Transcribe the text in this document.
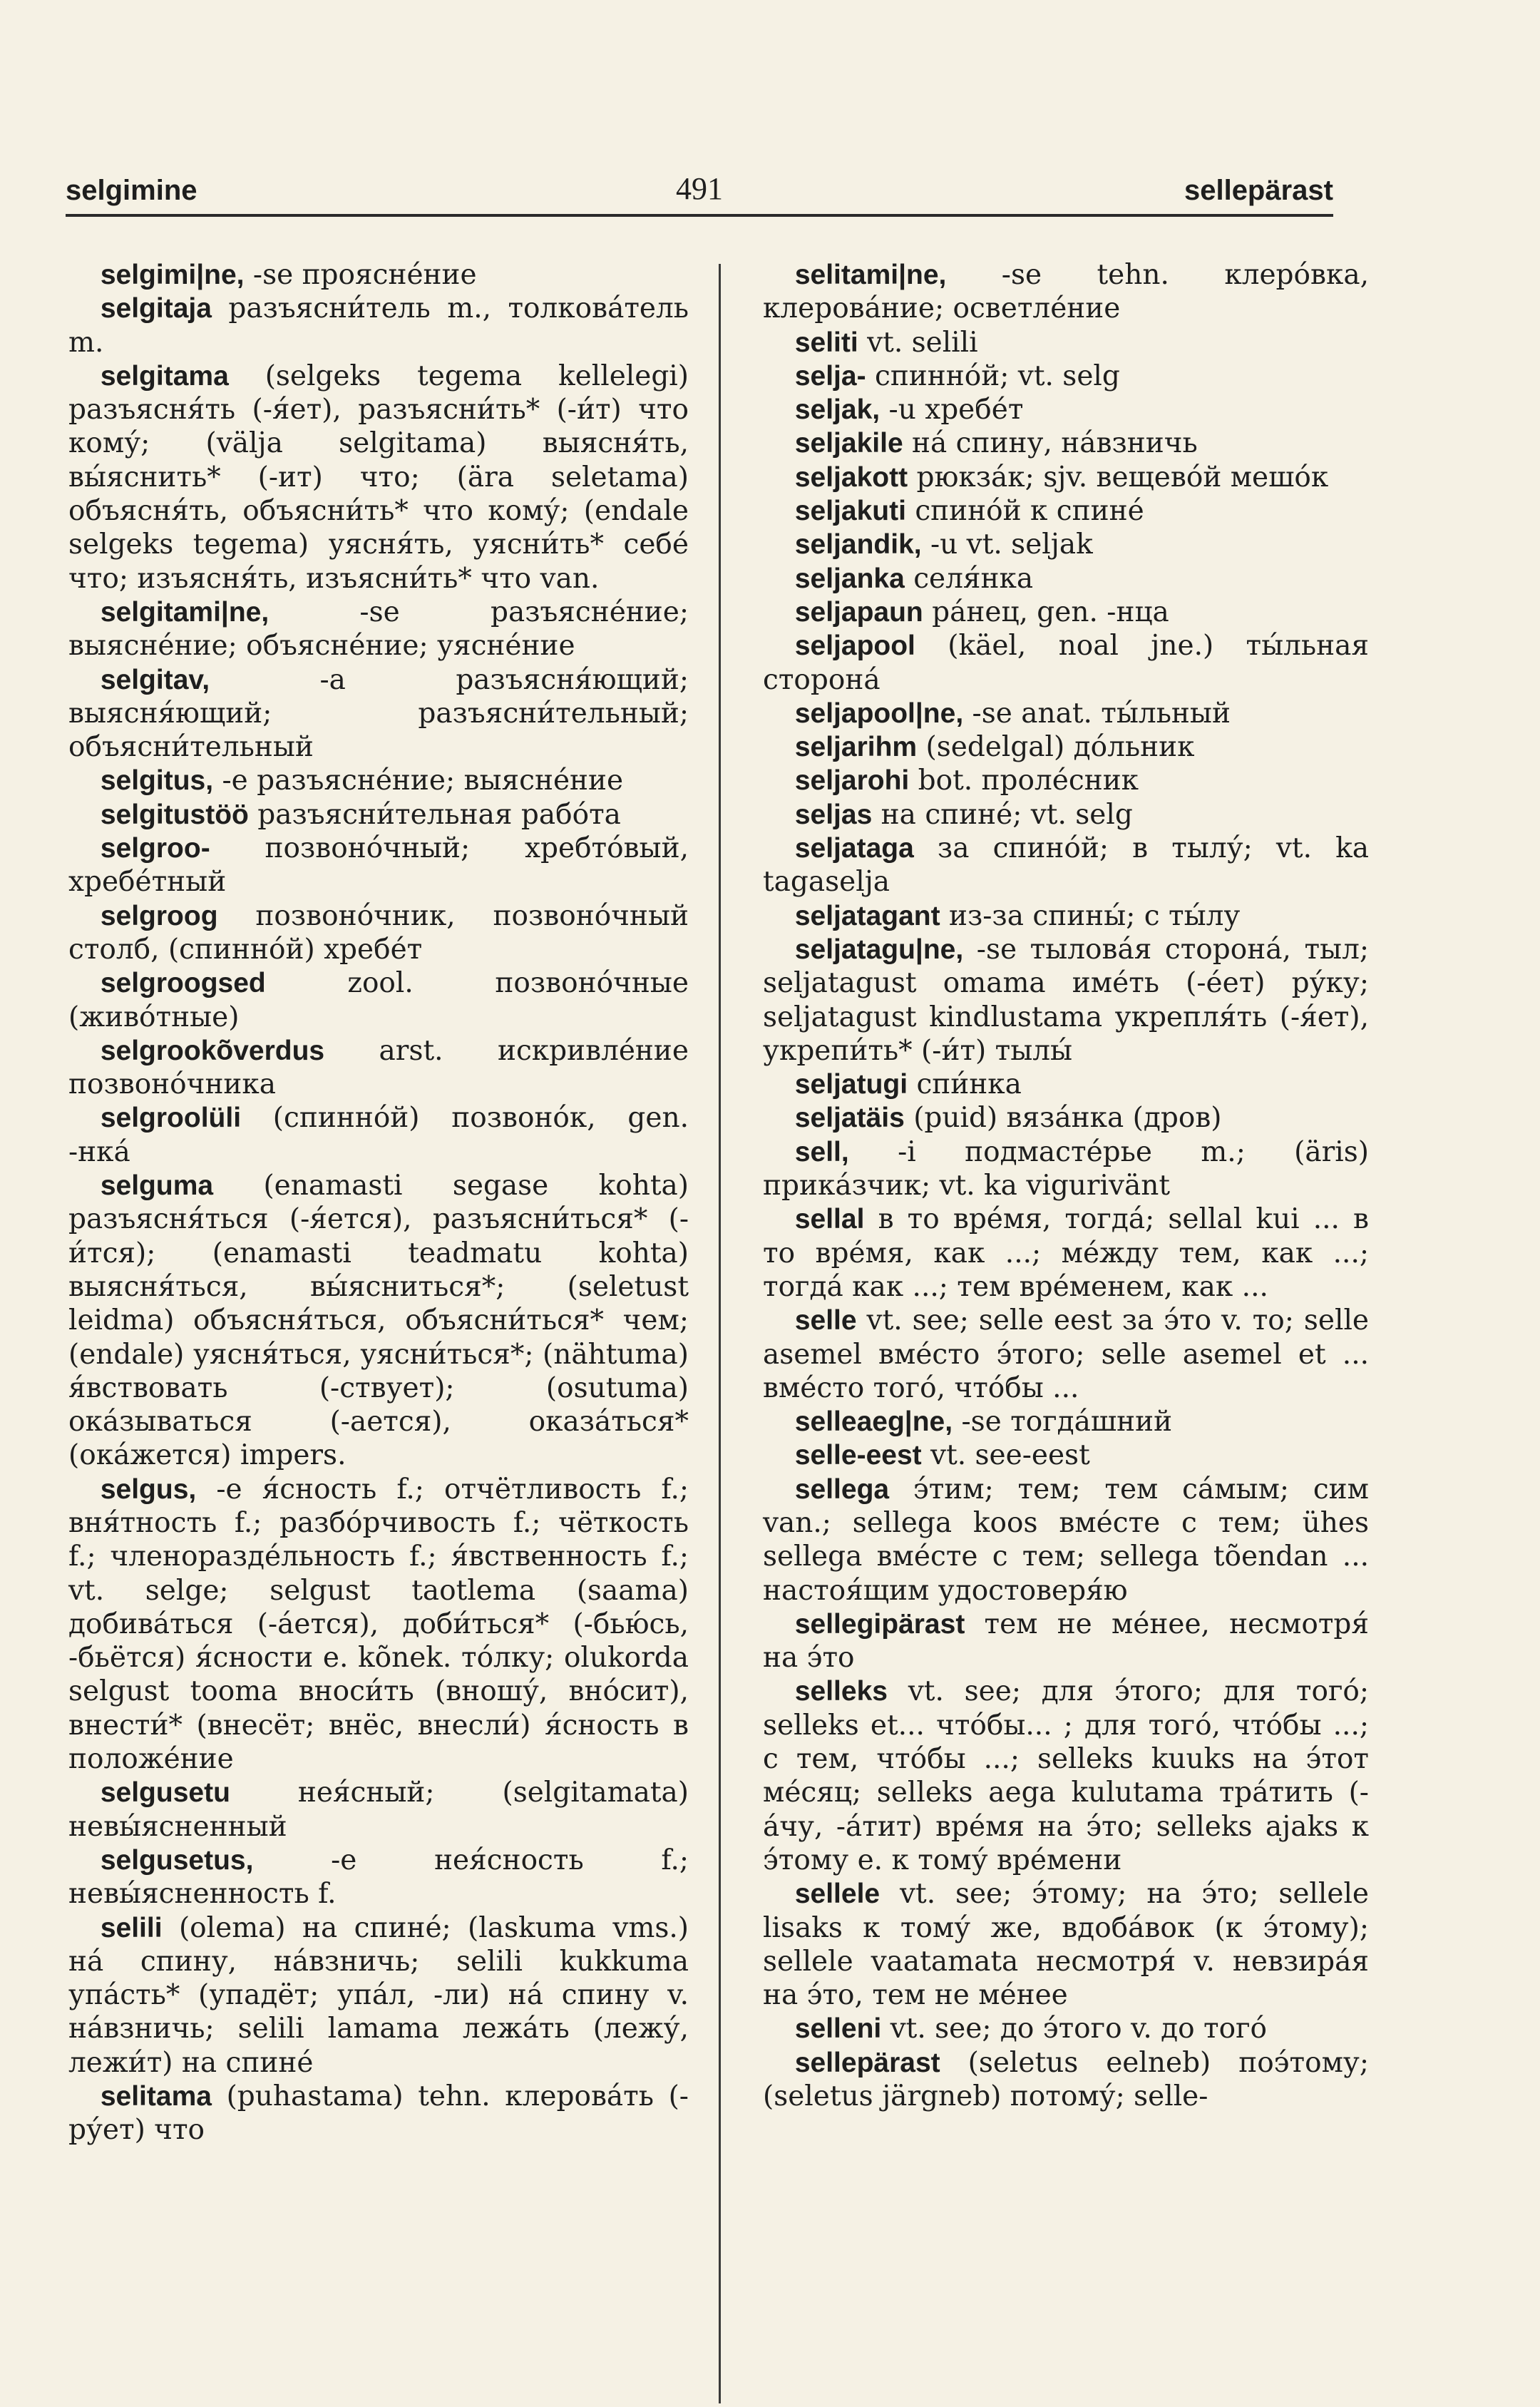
selgimine	491	sellepärast

selgimi|ne, -se прояснéние

selgitaja разъясни́тель m., толкова́тель m.

selgitama (selgeks tegema kellelegi) разъясня́ть (-я́ет), разъясни́ть* (-и́т) что кому́; (välja selgitama) выясня́ть, вы́яснить* (-ит) что; (ära seletama) объясня́ть, объясни́ть* что кому́; (endale selgeks tegema) уясня́ть, уясни́ть* себе́ что; изъясня́ть, изъясни́ть* что van.

selgitami|ne, -se разъяснéние; выяснéние; объяснéние; уяснéние

selgitav, -a разъясня́ющий; выясня́ющий; разъясни́тельный; объясни́тельный

selgitus, -e разъяснéние; выяснéние

selgitustöö разъясни́тельная рабо́та

selgroo- позвоно́чный; хребто́вый, хребéтный

selgroog позвоно́чник, позвоно́чный столб, (спинно́й) хребéт

selgroogsed zool. позвоно́чные (живо́тные)

selgrookõverdus arst. искривлéние позвоно́чника

selgroolüli (спинно́й) позвоно́к, gen. -нка́

selguma (enamasti segase kohta) разъясня́ться (-я́ется), разъясни́ться* (-и́тся); (enamasti teadmatu kohta) выясня́ться, вы́ясниться*; (seletust leidma) объясня́ться, объясни́ться* чем; (endale) уясня́ться, уясни́ться*; (nähtuma) я́вствовать (-ствует); (osutuma) ока́зываться (-ается), оказа́ться* (ока́жется) impers.

selgus, -e я́сность f.; отчётливость f.; вня́тность f.; разбо́рчивость f.; чёткость f.; членораздéльность f.; я́вственность f.; vt. selge; selgust taotlema (saama) добива́ться (-а́ется), доби́ться* (-бью́сь, -бьётся) я́сности e. kõnek. то́лку; olukorda selgust tooma вноси́ть (вношу́, вно́сит), внести́* (внесёт; внёс, внесли́) я́сность в положéние

selgusetu нея́сный; (selgitamata) невы́ясненный

selgusetus, -e нея́сность f.; невы́ясненность f.

selili (olema) на спине́; (laskuma vms.) на́ спину, на́взничь; selili kukkuma упа́сть* (упадёт; упа́л, -ли) на́ спину v. на́взничь; selili lamama лежа́ть (лежу́, лежи́т) на спине́

selitama (puhastama) tehn. клерова́ть (-ру́ет) что

selitami|ne, -se tehn. клеро́вка, клерова́ние; осветлéние

seliti vt. selili

selja- спинно́й; vt. selg

seljak, -u хребéт

seljakile на́ спину, на́взничь

seljakott рюкза́к; sjv. вещево́й мешо́к

seljakuti спино́й к спине́

seljandik, -u vt. seljak

seljanka селя́нка

seljapaun ра́нец, gen. -нца

seljapool (käel, noal jne.) ты́льная сторона́

seljapool|ne, -se anat. ты́льный

seljarihm (sedelgal) до́льник

seljarohi bot. пролéсник

seljas на спине́; vt. selg

seljataga за спино́й; в тылу́; vt. ka tagaselja

seljatagant из-за спины́; с ты́лу

seljatagu|ne, -se тылова́я сторона́, тыл; seljatagust omama имéть (-éет) ру́ку; seljatagust kindlustama укрепля́ть (-я́ет), укрепи́ть* (-и́т) тылы́

seljatugi спи́нка

seljatäis (puid) вяза́нка (дров)

sell, -i подмасте́рье m.; (äris) прика́зчик; vt. ka vigurivänt

sellal в то врéмя, тогда́; sellal kui ... в то врéмя, как ...; мéжду тем, как ...; тогда́ как ...; тем врéменем, как ...

selle vt. see; selle eest за э́то v. то; selle asemel вмéсто э́того; selle asemel et ... вмéсто того́, что́бы ...

selleaeg|ne, -se тогда́шний

selle-eest vt. see-eest

sellega э́тим; тем; тем са́мым; сим van.; sellega koos вмéсте с тем; ühes sellega вмéсте с тем; sellega tõendan ... настоя́щим удостоверя́ю

sellegipärast тем не мéнее, несмотря́ на э́то

selleks vt. see; для э́того; для того́; selleks et... что́бы... ; для того́, что́бы ...; с тем, что́бы ...; selleks kuuks на э́тот мéсяц; selleks aega kulutama тра́тить (-а́чу, -а́тит) врéмя на э́то; selleks ajaks к э́тому e. к тому́ врéмени

sellele vt. see; э́тому; на э́то; sellele lisaks к тому́ же, вдоба́вок (к э́тому); sellele vaatamata несмотря́ v. невзира́я на э́то, тем не мéнее

selleni vt. see; до э́того v. до того́

sellepärast (seletus eelneb) поэ́тому; (seletus järgneb) потому́; selle-
